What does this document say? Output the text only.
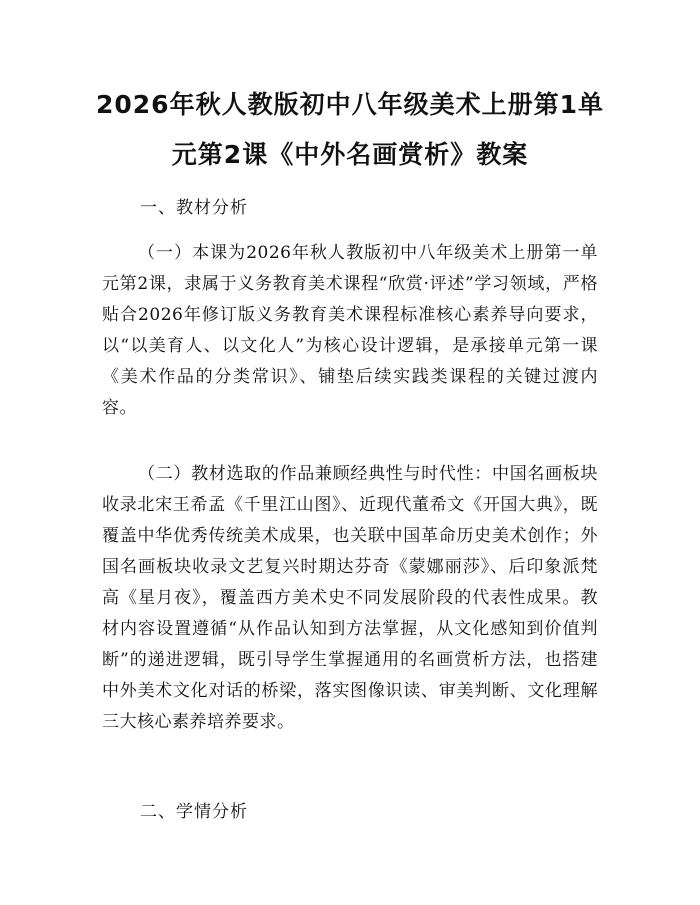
2026年秋人教版初中八年级美术上册第1单
元第2课《中外名画赏析》教案
一、教材分析

（一）本课为2026年秋人教版初中八年级美术上册第一单元第2课，隶属于义务教育美术课程“欣赏·评述”学习领域，严格贴合2026年修订版义务教育美术课程标准核心素养导向要求，以“以美育人、以文化人”为核心设计逻辑，是承接单元第一课《美术作品的分类常识》、铺垫后续实践类课程的关键过渡内容。

（二）教材选取的作品兼顾经典性与时代性：中国名画板块收录北宋王希孟《千里江山图》、近现代董希文《开国大典》，既覆盖中华优秀传统美术成果，也关联中国革命历史美术创作；外国名画板块收录文艺复兴时期达芬奇《蒙娜丽莎》、后印象派梵高《星月夜》，覆盖西方美术史不同发展阶段的代表性成果。教材内容设置遵循“从作品认知到方法掌握，从文化感知到价值判断”的递进逻辑，既引导学生掌握通用的名画赏析方法，也搭建中外美术文化对话的桥梁，落实图像识读、审美判断、文化理解三大核心素养培养要求。

二、学情分析
